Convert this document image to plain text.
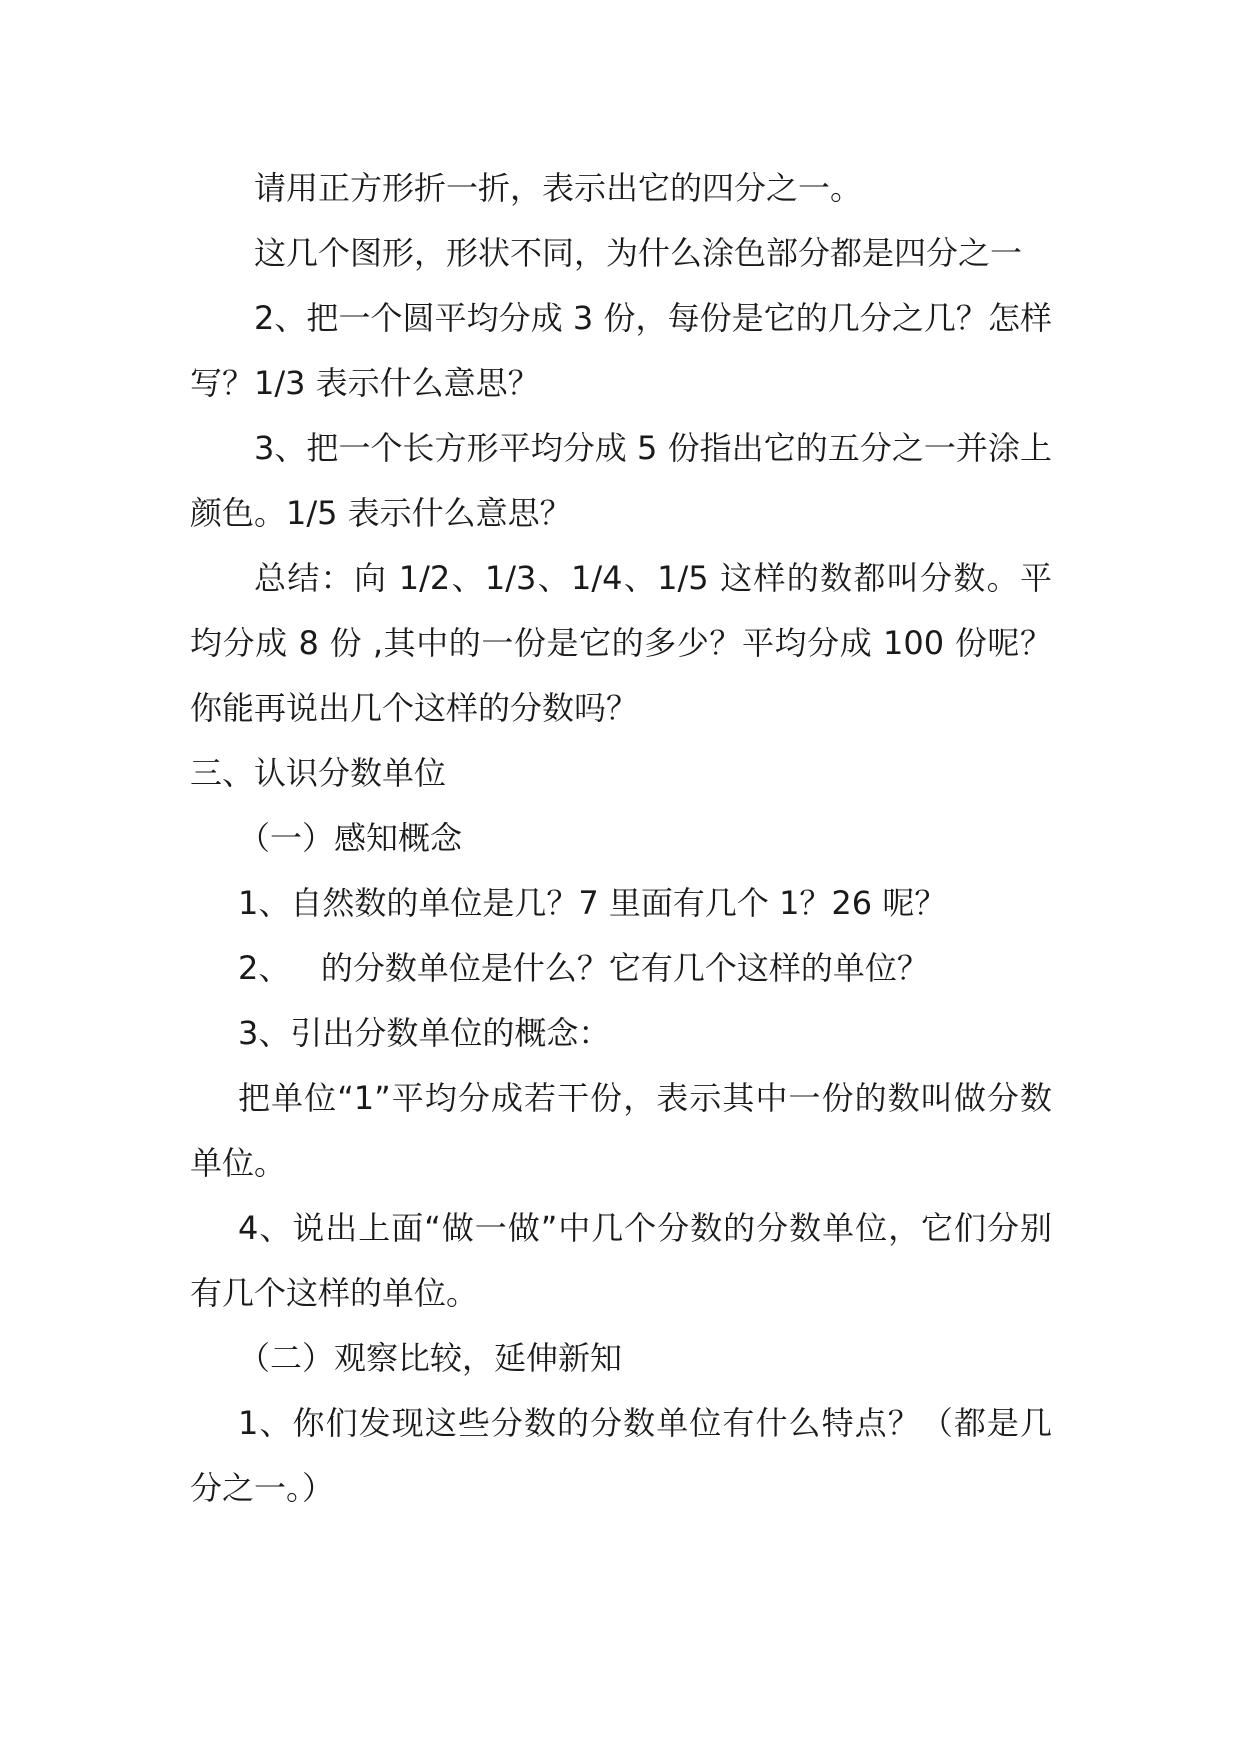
请用正方形折一折，表示出它的四分之一。

这几个图形，形状不同，为什么涂色部分都是四分之一

2、把一个圆平均分成 3 份，每份是它的几分之几？怎样写？1/3 表示什么意思？

3、把一个长方形平均分成 5 份指出它的五分之一并涂上颜色。1/5 表示什么意思？

总结：向 1/2、1/3、1/4、1/5 这样的数都叫分数。平均分成 8 份 ,其中的一份是它的多少？平均分成 100 份呢？你能再说出几个这样的分数吗？

三、认识分数单位

（一）感知概念

1、自然数的单位是几？7 里面有几个 1？26 呢？

2、   的分数单位是什么？它有几个这样的单位？

3、引出分数单位的概念：

把单位“1”平均分成若干份，表示其中一份的数叫做分数单位。

4、说出上面“做一做”中几个分数的分数单位，它们分别有几个这样的单位。

（二）观察比较，延伸新知

1、你们发现这些分数的分数单位有什么特点？（都是几分之一。）
